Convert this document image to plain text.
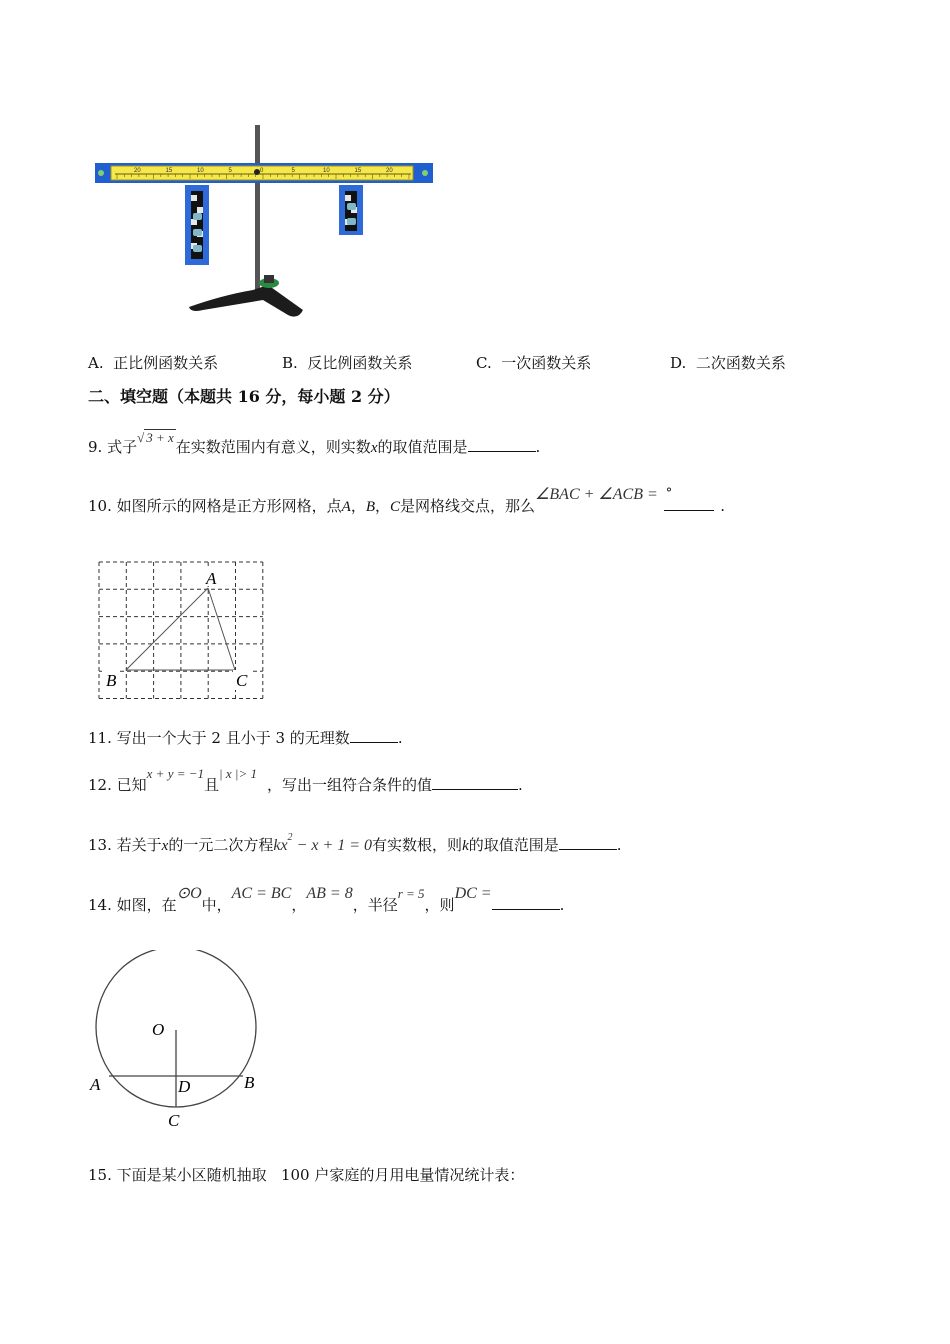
20	15	10	5	0	5	10	15	20
A. 正比例函数关系	B. 反比例函数关系	C. 一次函数关系	D. 二次函数关系
二、填空题（本题共 16 分，每小题 2 分）
9. 式子√ 3 + x在实数范围内有意义，则实数x的取值范围是	.
10. 如图所示的网格是正方形网格，点A，B，C是网格线交点，那么∠BAC + ∠ACB = °.
A
B	C
11. 写出一个大于 2 且小于 3 的无理数	.
12. 已知x + y = −1且| x |> 1，写出一组符合条件的值	.
13. 若关于x的一元二次方程$kx^2 - x + 1 = 0$有实数根，则k的取值范围是	.
14. 如图，在⊙O中，AC = BC，AB = 8，半径r = 5，则DC =.
O
A	B
D
C
15. 下面是某小区随机抽取 100 户家庭的月用电量情况统计表：
